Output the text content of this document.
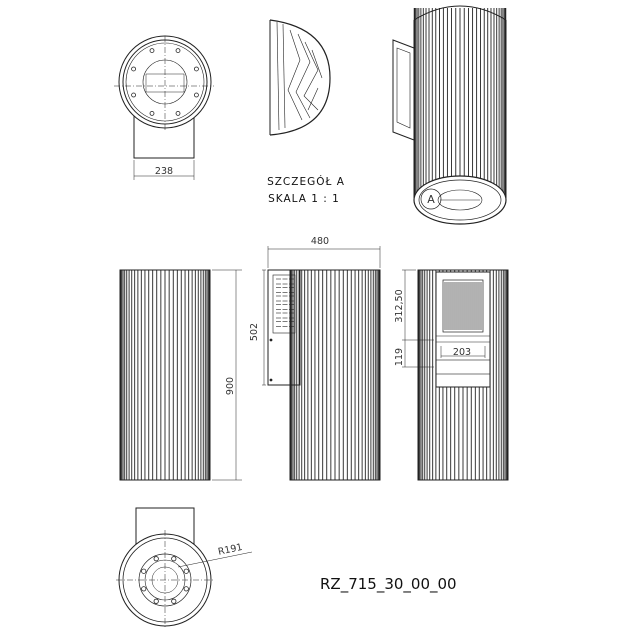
238
SZCZEGÓŁ A
SKALA 1 : 1	A
900
480
502
312,50
119	203
R191
RZ_715_30_00_00
